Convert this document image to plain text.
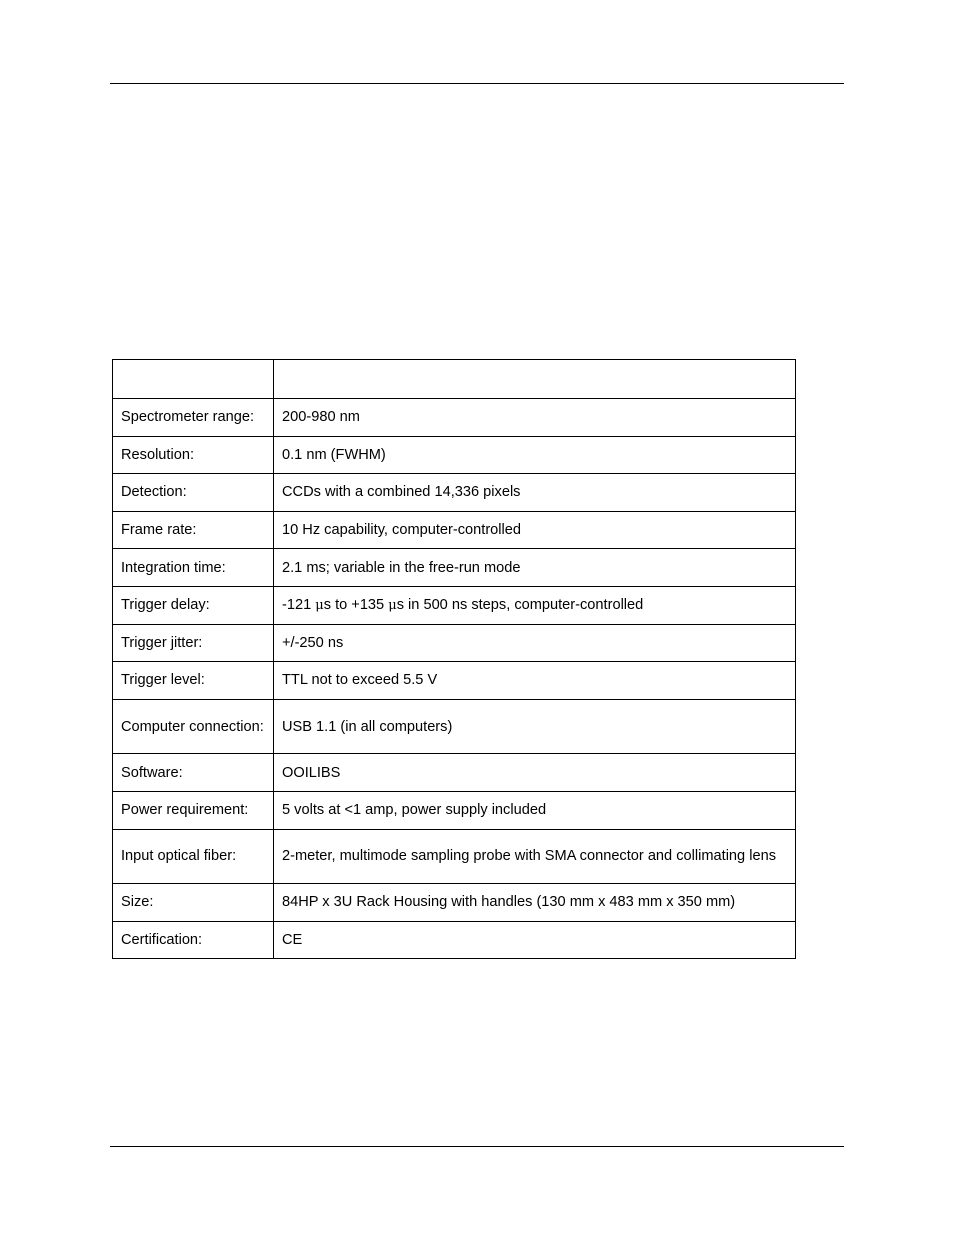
Spectrometer range:	200-980 nm
Resolution:	0.1 nm (FWHM)
Detection:	CCDs with a combined 14,336 pixels
Frame rate:	10 Hz capability, computer-controlled
Integration time:	2.1 ms; variable in the free-run mode
Trigger delay:	-121 μs to +135 μs in 500 ns steps, computer-controlled
Trigger jitter:	+/-250 ns
Trigger level:	TTL not to exceed 5.5 V
Computer connection:	USB 1.1 (in all computers)
Software:	OOILIBS
Power requirement:	5 volts at <1 amp, power supply included
Input optical fiber:	2-meter, multimode sampling probe with SMA connector and collimating lens
Size:	84HP x 3U Rack Housing with handles (130 mm x 483 mm x 350 mm)
Certification:	CE
